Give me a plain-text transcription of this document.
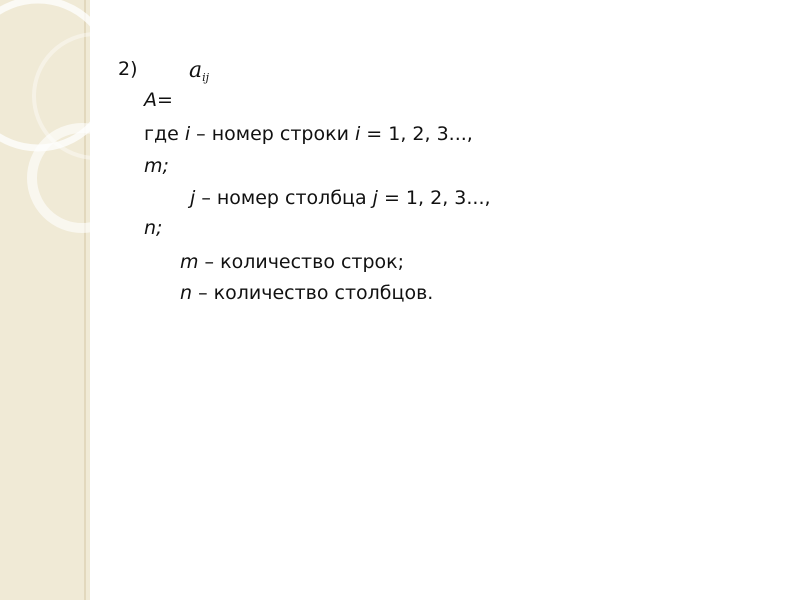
2) $a_{ij}$
A=
где i – номер строки i = 1, 2, 3...,
m;
j – номер столбца j = 1, 2, 3...,
n;
m – количество строк;
n – количество столбцов.
